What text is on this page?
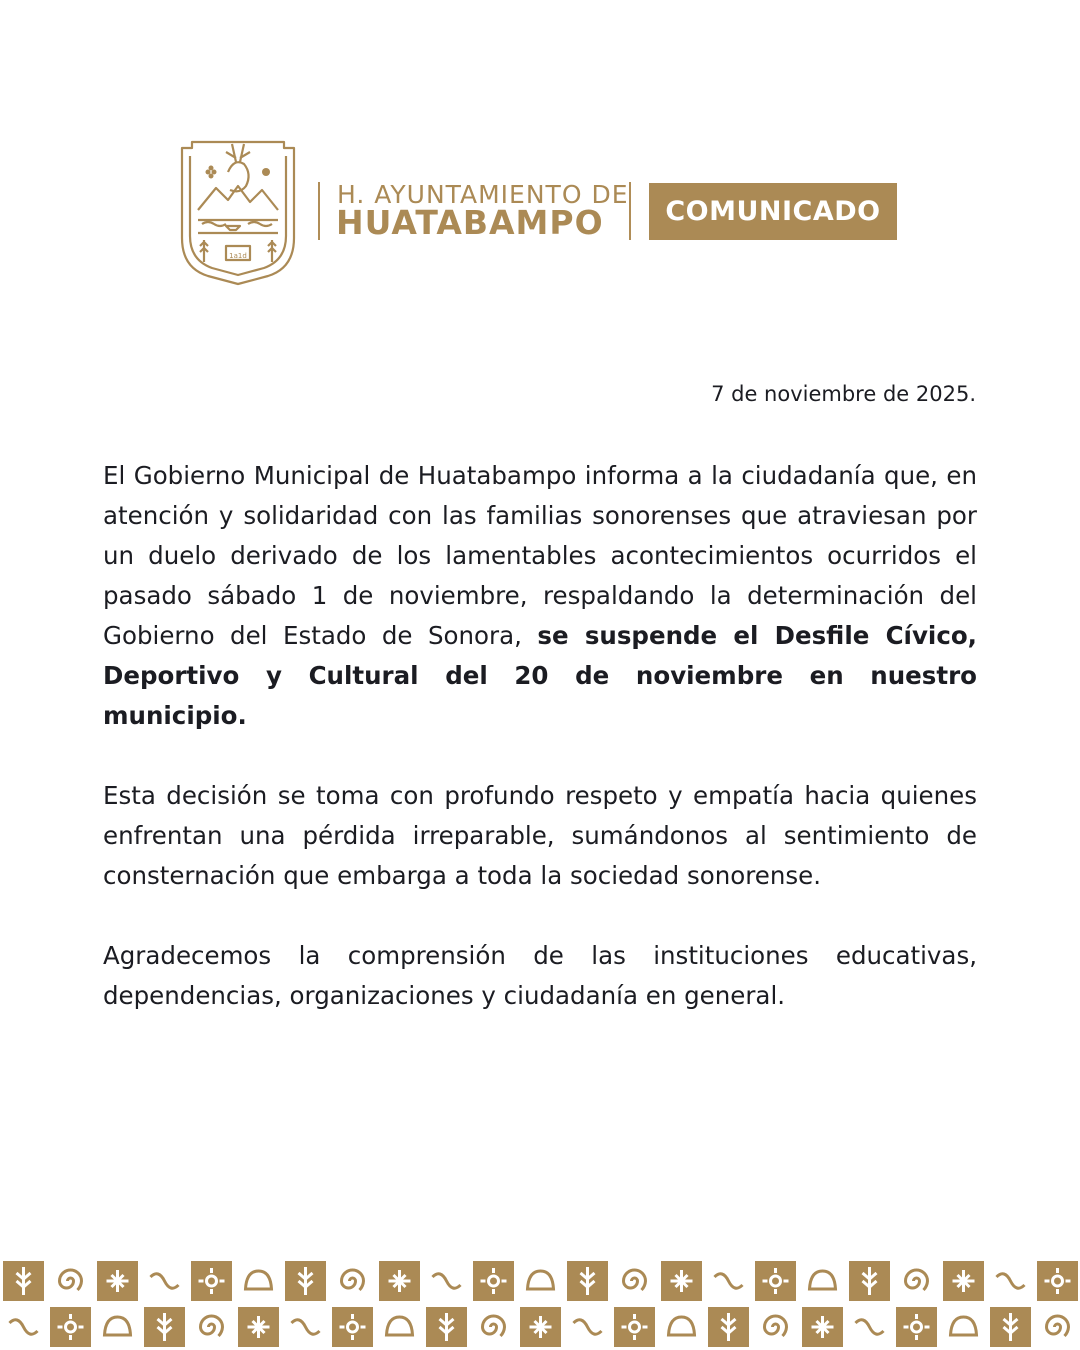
1a1d
H. AYUNTAMIENTO DE
HUATABAMPO	COMUNICADO
7 de noviembre de 2025.

El Gobierno Municipal de Huatabampo informa a la ciudadanía que, en atención y solidaridad con las familias sonorenses que atraviesan por un duelo derivado de los lamentables acontecimientos ocurridos el pasado sábado 1 de noviembre, respaldando la determinación del Gobierno del Estado de Sonora, se suspende el Desfile Cívico, Deportivo y Cultural del 20 de noviembre en nuestro municipio.

Esta decisión se toma con profundo respeto y empatía hacia quienes enfrentan una pérdida irreparable, sumándonos al sentimiento de consternación que embarga a toda la sociedad sonorense.

Agradecemos la comprensión de las instituciones educativas, dependencias, organizaciones y ciudadanía en general.
